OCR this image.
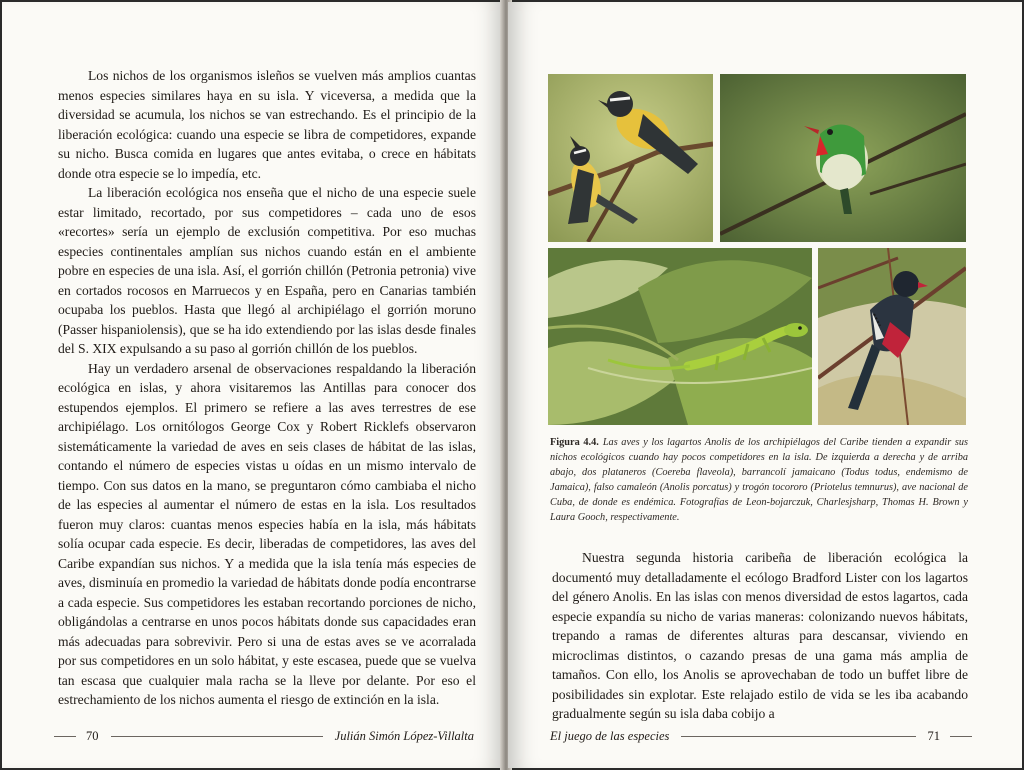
Los nichos de los organismos isleños se vuelven más amplios cuantas menos especies similares haya en su isla. Y viceversa, a medida que la diversidad se acumula, los nichos se van estrechando. Es el principio de la liberación ecológica: cuando una especie se libra de competidores, expande su nicho. Busca comida en lugares que antes evitaba, o crece en hábitats donde otra especie se lo impedía, etc.

La liberación ecológica nos enseña que el nicho de una especie suele estar limitado, recortado, por sus competidores – cada uno de esos «recortes» sería un ejemplo de exclusión competitiva. Por eso muchas especies continentales amplían sus nichos cuando están en el ambiente pobre en especies de una isla. Así, el gorrión chillón (Petronia petronia) vive en cortados rocosos en Marruecos y en España, pero en Canarias también ocupaba los pueblos. Hasta que llegó al archipiélago el gorrión moruno (Passer hispaniolensis), que se ha ido extendiendo por las islas desde finales del S. XIX expulsando a su paso al gorrión chillón de los pueblos.

Hay un verdadero arsenal de observaciones respaldando la liberación ecológica en islas, y ahora visitaremos las Antillas para conocer dos estupendos ejemplos. El primero se refiere a las aves terrestres de ese archipiélago. Los ornitólogos George Cox y Robert Ricklefs observaron sistemáticamente la variedad de aves en seis clases de hábitat de las islas, contando el número de especies vistas u oídas en un mismo intervalo de tiempo. Con sus datos en la mano, se preguntaron cómo cambiaba el nicho de las especies al aumentar el número de estas en la isla. Los resultados fueron muy claros: cuantas menos especies había en la isla, más hábitats solía ocupar cada especie. Es decir, liberadas de competidores, las aves del Caribe expandían sus nichos. Y a medida que la isla tenía más especies de aves, disminuía en promedio la variedad de hábitats donde podía encontrarse a cada especie. Sus competidores les estaban recortando porciones de nicho, obligándolas a centrarse en unos pocos hábitats donde sus capacidades eran más adecuadas para sobrevivir. Pero si una de estas aves se ve acorralada por sus competidores en un solo hábitat, y este escasea, puede que se vuelva tan escasa que cualquier mala racha se la lleve por delante. Por eso el estrechamiento de los nichos aumenta el riesgo de extinción en la isla.

70	Julián Simón López-Villalta
Figura 4.4. Las aves y los lagartos Anolis de los archipiélagos del Caribe tienden a expandir sus nichos ecológicos cuando hay pocos competidores en la isla. De izquierda a derecha y de arriba abajo, dos plataneros (Coereba flaveola), barrancolí jamaicano (Todus todus, endemismo de Jamaica), falso camaleón (Anolis porcatus) y trogón tocororo (Priotelus temnurus), ave nacional de Cuba, de donde es endémica. Fotografías de Leon-bojarczuk, Charlesjsharp, Thomas H. Brown y Laura Gooch, respectivamente.

Nuestra segunda historia caribeña de liberación ecológica la documentó muy detalladamente el ecólogo Bradford Lister con los lagartos del género Anolis. En las islas con menos diversidad de estos lagartos, cada especie expandía su nicho de varias maneras: colonizando nuevos hábitats, trepando a ramas de diferentes alturas para descansar, viviendo en microclimas distintos, o cazando presas de una gama más amplia de tamaños. Con ello, los Anolis se aprovechaban de todo un buffet libre de posibilidades sin explotar. Este relajado estilo de vida se les iba acabando gradualmente según su isla daba cobijo a

El juego de las especies	71
